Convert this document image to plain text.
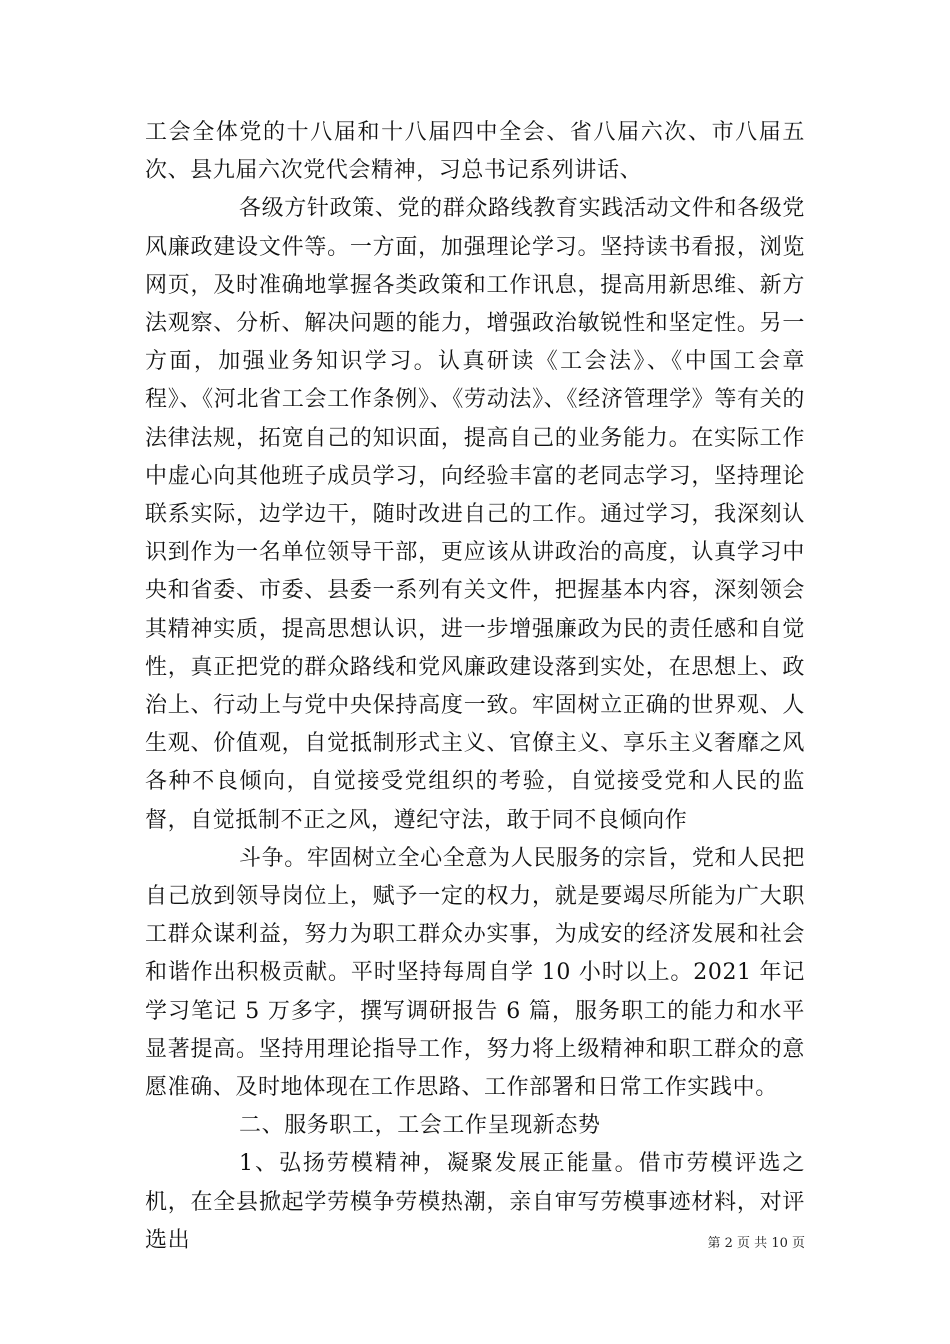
工会全体党的十八届和十八届四中全会、省八届六次、市八届五次、县九届六次党代会精神，习总书记系列讲话、

各级方针政策、党的群众路线教育实践活动文件和各级党风廉政建设文件等。一方面，加强理论学习。坚持读书看报，浏览网页，及时准确地掌握各类政策和工作讯息，提高用新思维、新方法观察、分析、解决问题的能力，增强政治敏锐性和坚定性。另一方面，加强业务知识学习。认真研读《工会法》、《中国工会章程》、《河北省工会工作条例》、《劳动法》、《经济管理学》等有关的法律法规，拓宽自己的知识面，提高自己的业务能力。在实际工作中虚心向其他班子成员学习，向经验丰富的老同志学习，坚持理论联系实际，边学边干，随时改进自己的工作。通过学习，我深刻认识到作为一名单位领导干部，更应该从讲政治的高度，认真学习中央和省委、市委、县委一系列有关文件，把握基本内容，深刻领会其精神实质，提高思想认识，进一步增强廉政为民的责任感和自觉性，真正把党的群众路线和党风廉政建设落到实处，在思想上、政治上、行动上与党中央保持高度一致。牢固树立正确的世界观、人生观、价值观，自觉抵制形式主义、官僚主义、享乐主义奢靡之风各种不良倾向，自觉接受党组织的考验，自觉接受党和人民的监督，自觉抵制不正之风，遵纪守法，敢于同不良倾向作

斗争。牢固树立全心全意为人民服务的宗旨，党和人民把自己放到领导岗位上，赋予一定的权力，就是要竭尽所能为广大职工群众谋利益，努力为职工群众办实事，为成安的经济发展和社会和谐作出积极贡献。平时坚持每周自学 10 小时以上。2021 年记学习笔记 5 万多字，撰写调研报告 6 篇，服务职工的能力和水平显著提高。坚持用理论指导工作，努力将上级精神和职工群众的意愿准确、及时地体现在工作思路、工作部署和日常工作实践中。

二、服务职工，工会工作呈现新态势

1、弘扬劳模精神，凝聚发展正能量。借市劳模评选之机，在全县掀起学劳模争劳模热潮，亲自审写劳模事迹材料，对评选出	第 2 页 共 10 页
